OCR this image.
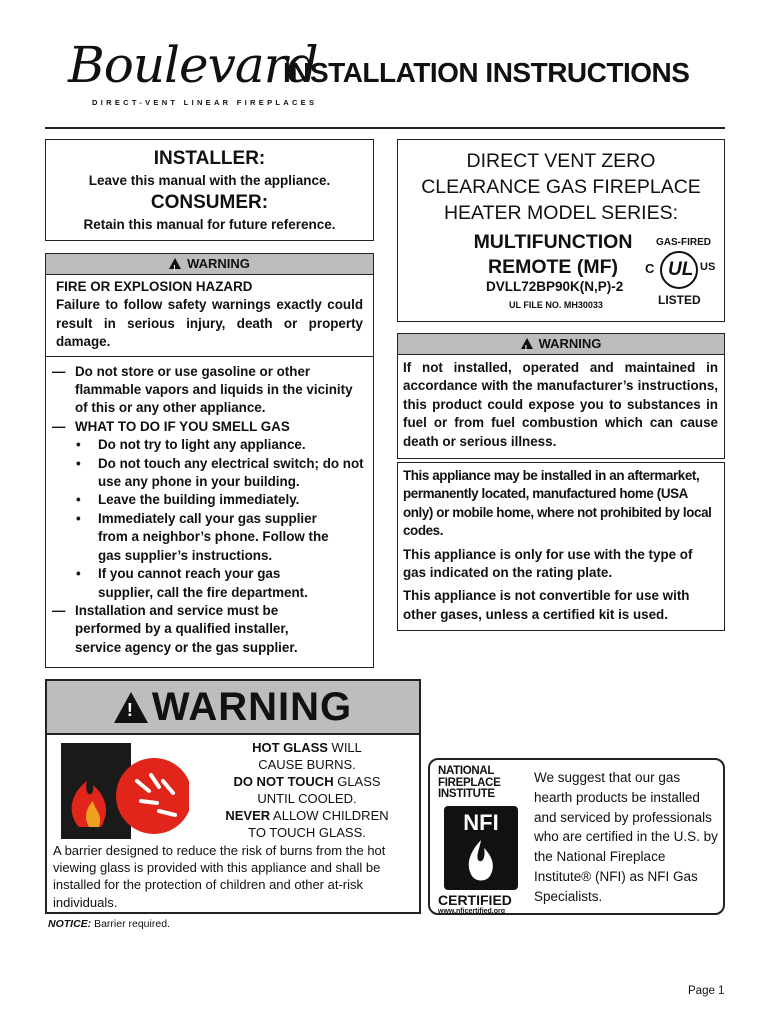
Boulevard
DIRECT-VENT LINEAR FIREPLACES
INSTALLATION INSTRUCTIONS
INSTALLER:
Leave this manual with the appliance.
CONSUMER:
Retain this manual for future reference.
!WARNING
FIRE OR EXPLOSION HAZARD
Failure to follow safety warnings exactly could result in serious injury, death or property damage.
— Do not store or use gasoline or other flammable vapors and liquids in the vicinity of this or any other appliance.
— WHAT TO DO IF YOU SMELL GAS
• Do not try to light any appliance.
• Do not touch any electrical switch; do not use any phone in your building.
• Leave the building immediately.
• Immediately call your gas supplier from a neighbor’s phone. Follow the gas supplier’s instructions.
• If you cannot reach your gas supplier, call the fire department.
— Installation and service must be performed by a qualified installer, service agency or the gas supplier.
DIRECT VENT ZERO
CLEARANCE GAS FIREPLACE
HEATER MODEL SERIES:
MULTIFUNCTION
REMOTE (MF)
DVLL72BP90K(N,P)-2
UL FILE NO. MH30033
GAS-FIRED
UL
C	US
LISTED
!WARNING
If not installed, operated and maintained in accordance with the manufacturer’s instructions, this product could expose you to substances in fuel or from fuel combustion which can cause death or serious illness.
This appliance may be installed in an aftermarket, permanently located, manufactured home (USA only) or mobile home, where not prohibited by local codes.
This appliance is only for use with the type of gas indicated on the rating plate.
This appliance is not convertible for use with other gases, unless a certified kit is used.
! WARNING
HOT GLASS WILL
CAUSE BURNS.
DO NOT TOUCH GLASS
UNTIL COOLED.
NEVER ALLOW CHILDREN
TO TOUCH GLASS.
A barrier designed to reduce the risk of burns from the hot viewing glass is provided with this appliance and shall be installed for the protection of children and other at-risk individuals.
NOTICE: Barrier required.
NATIONAL
FIREPLACE
INSTITUTE
NFI
CERTIFIED
www.nficertified.org
We suggest that our gas hearth products be installed and serviced by professionals who are certified in the U.S. by the National Fireplace Institute® (NFI) as NFI Gas Specialists.
Page 1
